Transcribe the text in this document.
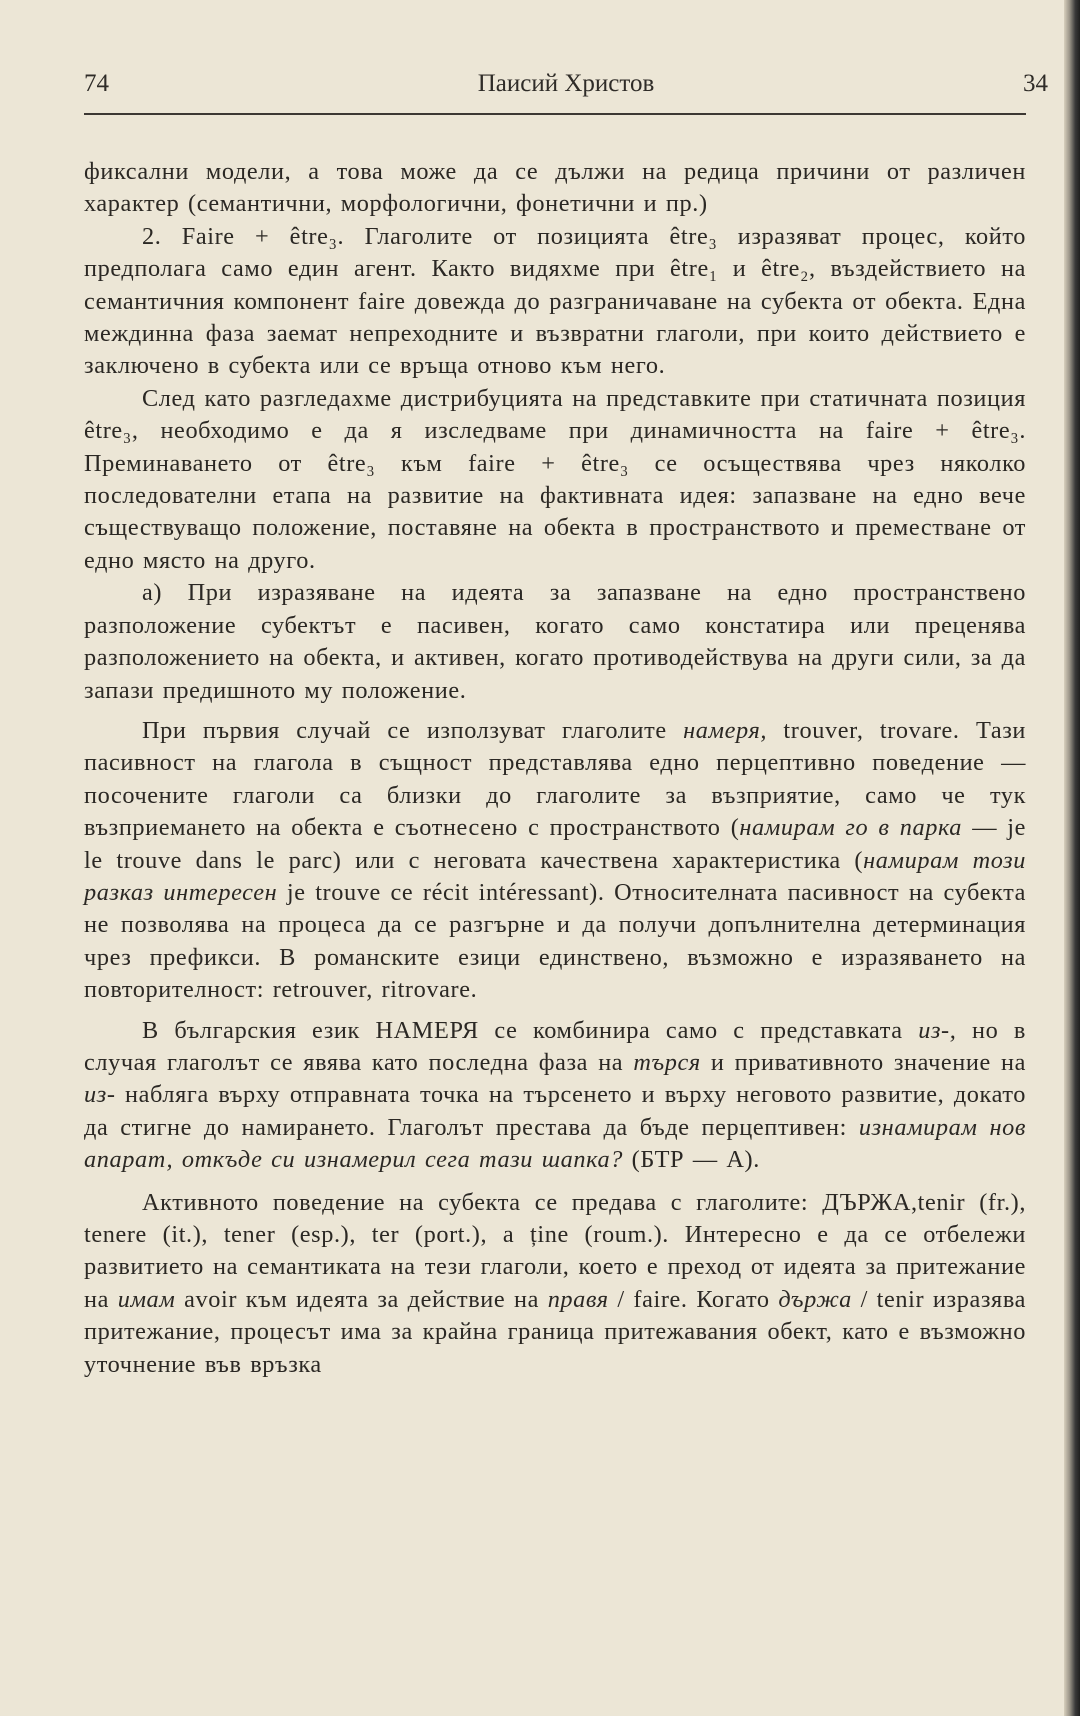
74	Паисий Христов	34

фиксални модели, а това може да се дължи на редица причини от различен характер (семантични, морфологични, фонетични и пр.)

2. Faire + être₃. Глаголите от позицията être₃ изразяват процес, който предполага само един агент. Както видяхме при être₁ и être₂, въздействието на семантичния компонент faire довежда до разграничаване на субекта от обекта. Една междинна фаза заемат непреходните и възвратни глаголи, при които действието е заключено в субекта или се връща отново към него.

След като разгледахме дистрибуцията на представките при статичната позиция être₃, необходимо е да я изследваме при динамичността на faire + être₃. Преминаването от être₃ към faire + être₃ се осъществява чрез няколко последователни етапа на развитие на фактивната идея: запазване на едно вече съществуващо положение, поставяне на обекта в пространството и преместване от едно място на друго.

а) При изразяване на идеята за запазване на едно пространствено разположение субектът е пасивен, когато само констатира или преценява разположението на обекта, и активен, когато противодействува на други сили, за да запази предишното му положение.

При първия случай се използуват глаголите намеря, trouver, trovare. Тази пасивност на глагола в същност представлява едно перцептивно поведение — посочените глаголи са близки до глаголите за възприятие, само че тук възприемането на обекта е съотнесено с пространството (намирам го в парка — je le trouve dans le parc) или с неговата качествена характеристика (намирам този разказ интересен je trouve ce récit intéressant). Относителната пасивност на субекта не позволява на процеса да се разгърне и да получи допълнителна детерминация чрез префикси. В романските езици единствено, възможно е изразяването на повторителност: retrouver, ritrovare.

В българския език НАМЕРЯ се комбинира само с представката из-, но в случая глаголът се явява като последна фаза на търся и привативното значение на из- набляга върху отправната точка на търсенето и върху неговото развитие, докато да стигне до намирането. Глаголът престава да бъде перцептивен: изнамирам нов апарат, откъде си изнамерил сега тази шапка? (БТР — А).

Активното поведение на субекта се предава с глаголите: ДЪРЖА,tenir (fr.), tenere (it.), tener (esp.), ter (port.), a ține (roum.). Интересно е да се отбележи развитието на семантиката на тези глаголи, което е преход от идеята за притежание на имам avoir към идеята за действие на правя / faire. Когато държа / tenir изразява притежание, процесът има за крайна граница притежавания обект, като е възможно уточнение във връзка
